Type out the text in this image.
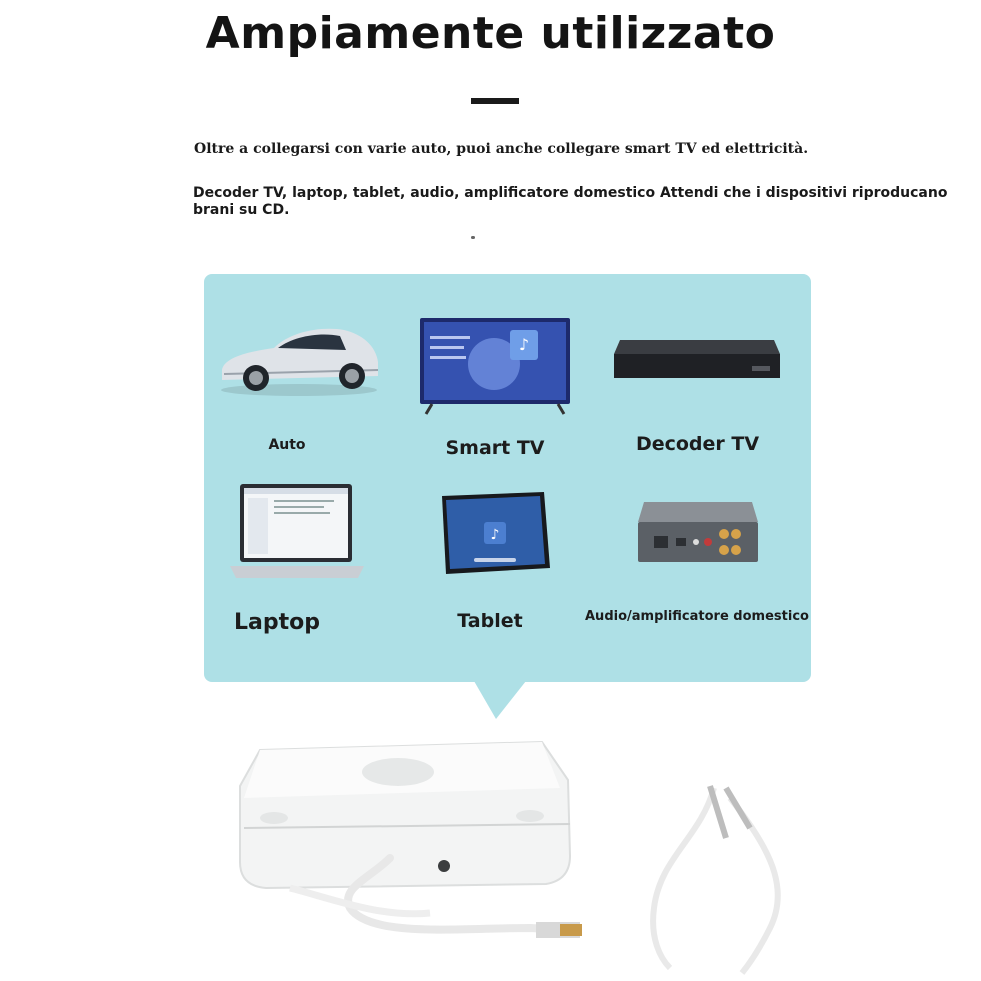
Ampiamente utilizzato
Oltre a collegarsi con varie auto, puoi anche collegare smart TV ed elettricità.
Decoder TV, laptop, tablet, audio, amplificatore domestico Attendi che i dispositivi riproducano brani su CD.
♪
♪
Auto	Smart TV	Decoder TV
Laptop	Tablet	Audio/amplificatore domestico
